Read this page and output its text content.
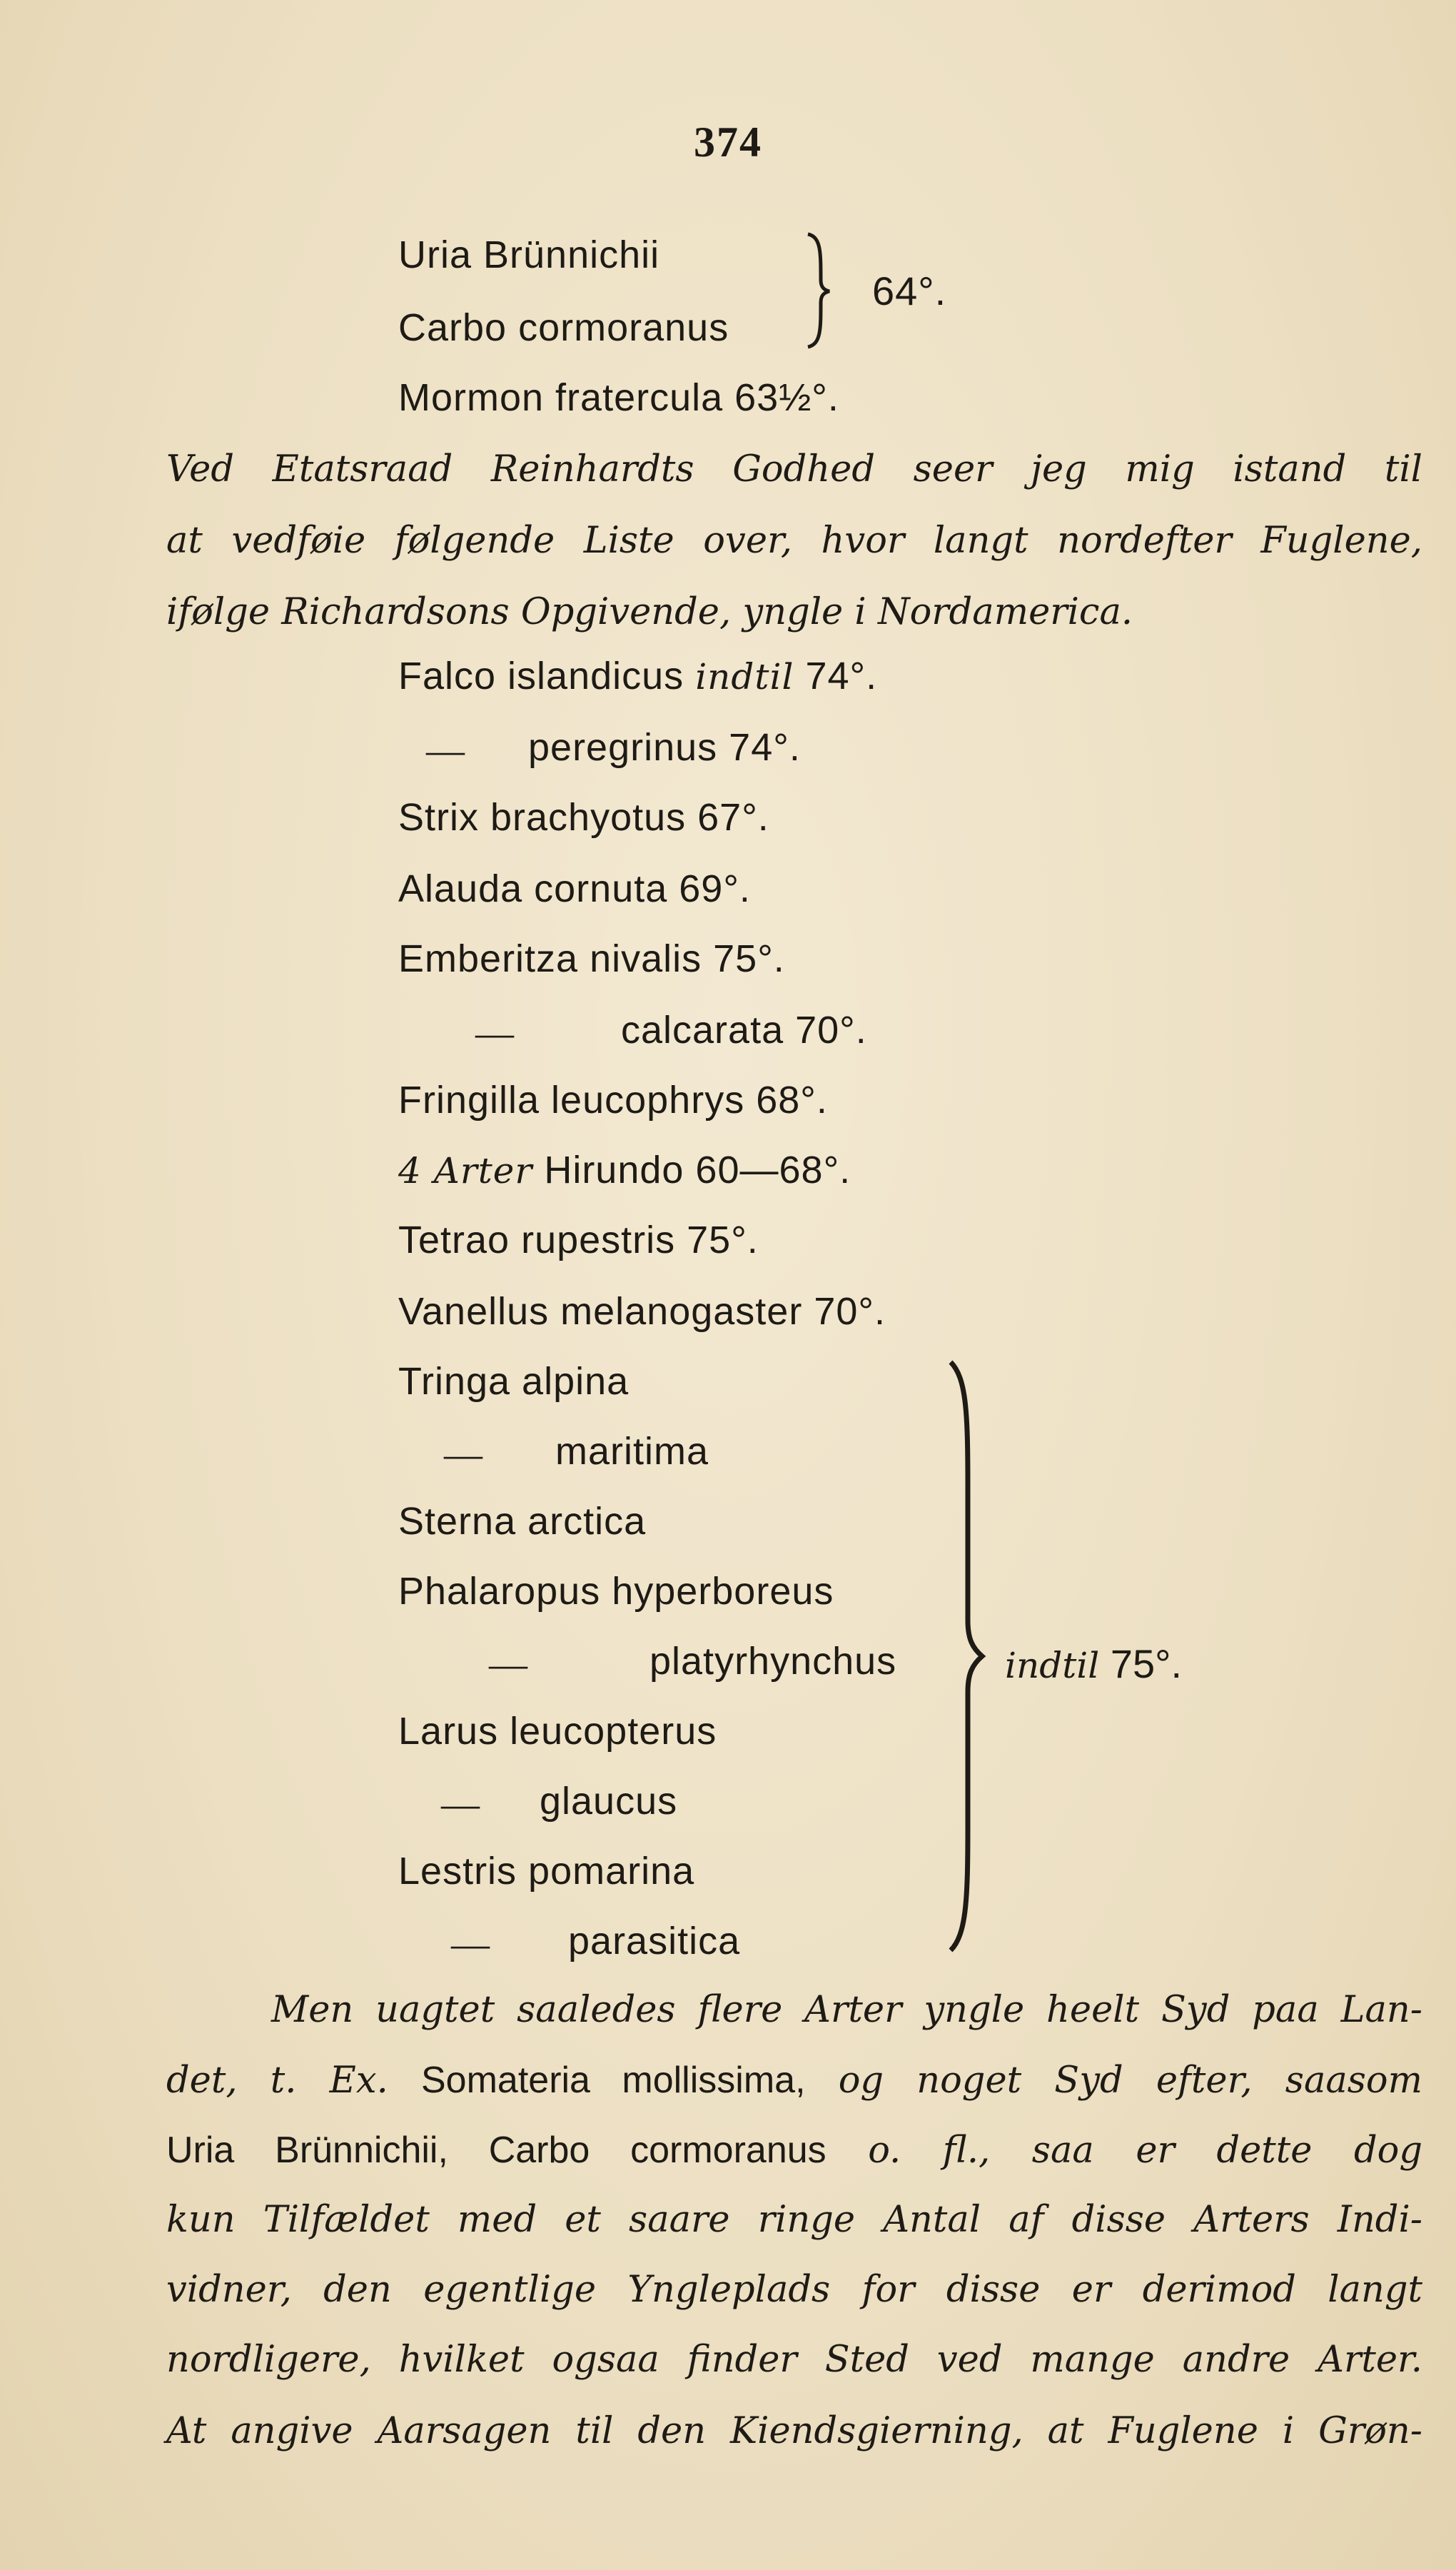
374
Uria Brünnichii
Carbo cormoranus
64°.
Mormon fratercula 63½°.
Ved Etatsraad Reinhardts Godhed seer jeg mig istand til
at vedføie følgende Liste over, hvor langt nordefter Fuglene,
ifølge Richardsons Opgivende, yngle i Nordamerica.
Falco islandicus indtil 74°.
— peregrinus 74°.
Strix brachyotus 67°.
Alauda cornuta 69°.
Emberitza nivalis 75°.
—	calcarata 70°.
Fringilla leucophrys 68°.
4 Arter Hirundo 60—68°.
Tetrao rupestris 75°.
Vanellus melanogaster 70°.
Tringa alpina
— maritima
Sterna arctica
Phalaropus hyperboreus
—	platyrhynchus
Larus leucopterus
— glaucus
Lestris pomarina
— parasitica
indtil 75°.
Men uagtet saaledes flere Arter yngle heelt Syd paa Lan-
det, t. Ex. Somateria mollissima, og noget Syd efter, saasom
Uria Brünnichii, Carbo cormoranus o. fl., saa er dette dog
kun Tilfældet med et saare ringe Antal af disse Arters Indi-
vidner, den egentlige Yngleplads for disse er derimod langt
nordligere, hvilket ogsaa finder Sted ved mange andre Arter.
At angive Aarsagen til den Kiendsgierning, at Fuglene i Grøn-
